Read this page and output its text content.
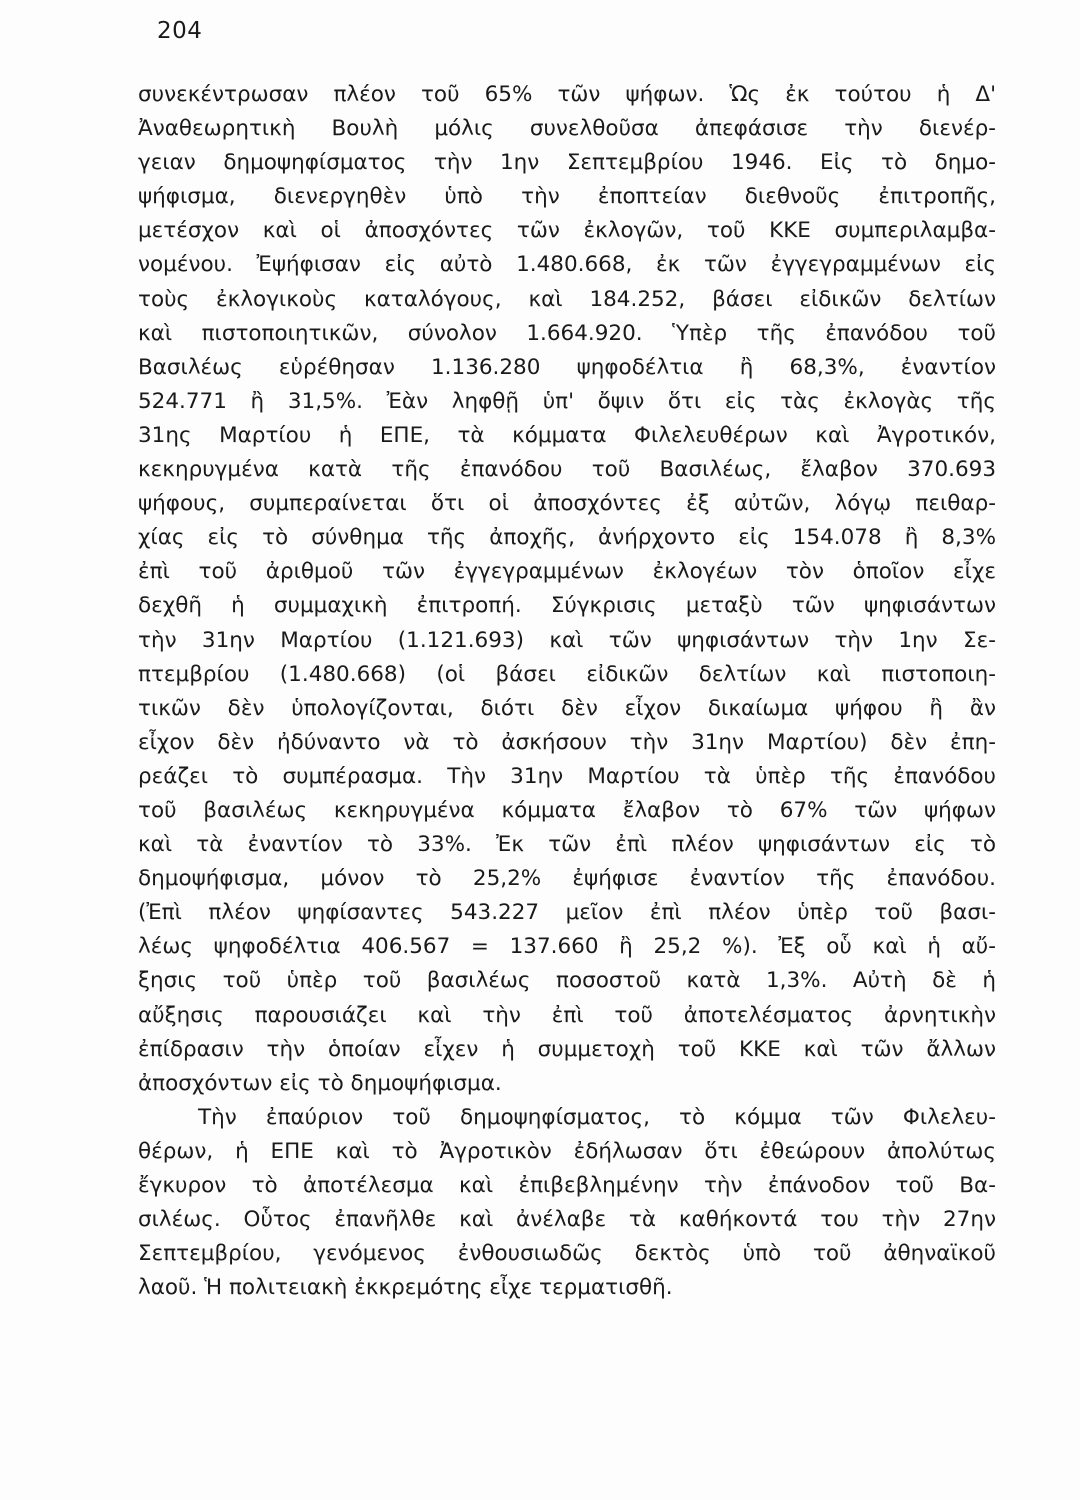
204
συνεκέντρωσαν πλέον τοῦ 65% τῶν ψήφων. Ὡς ἐκ τούτου ἡ Δ'
Ἀναθεωρητικὴ Βουλὴ μόλις συνελθοῦσα ἀπεφάσισε τὴν διενέρ-
γειαν δημοψηφίσματος τὴν 1ην Σεπτεμβρίου 1946. Εἰς τὸ δημο-
ψήφισμα, διενεργηθὲν ὑπὸ τὴν ἐποπτείαν διεθνοῦς ἐπιτροπῆς,
μετέσχον καὶ οἱ ἀποσχόντες τῶν ἐκλογῶν, τοῦ ΚΚΕ συμπεριλαμβα-
νομένου. Ἐψήφισαν εἰς αὐτὸ 1.480.668, ἐκ τῶν ἐγγεγραμμένων εἰς
τοὺς ἐκλογικοὺς καταλόγους, καὶ 184.252, βάσει εἰδικῶν δελτίων
καὶ πιστοποιητικῶν, σύνολον 1.664.920. Ὑπὲρ τῆς ἐπανόδου τοῦ
Βασιλέως εὑρέθησαν 1.136.280 ψηφοδέλτια ἢ 68,3%, ἐναντίον
524.771 ἢ 31,5%. Ἐὰν ληφθῇ ὑπ' ὄψιν ὅτι εἰς τὰς ἐκλογὰς τῆς
31ης Μαρτίου ἡ ΕΠΕ, τὰ κόμματα Φιλελευθέρων καὶ Ἀγροτικόν,
κεκηρυγμένα κατὰ τῆς ἐπανόδου τοῦ Βασιλέως, ἔλαβον 370.693
ψήφους, συμπεραίνεται ὅτι οἱ ἀποσχόντες ἐξ αὐτῶν, λόγῳ πειθαρ-
χίας εἰς τὸ σύνθημα τῆς ἀποχῆς, ἀνήρχοντο εἰς 154.078 ἢ 8,3%
ἐπὶ τοῦ ἀριθμοῦ τῶν ἐγγεγραμμένων ἐκλογέων τὸν ὁποῖον εἶχε
δεχθῆ ἡ συμμαχικὴ ἐπιτροπή. Σύγκρισις μεταξὺ τῶν ψηφισάντων
τὴν 31ην Μαρτίου (1.121.693) καὶ τῶν ψηφισάντων τὴν 1ην Σε-
πτεμβρίου (1.480.668) (οἱ βάσει εἰδικῶν δελτίων καὶ πιστοποιη-
τικῶν δὲν ὑπολογίζονται, διότι δὲν εἶχον δικαίωμα ψήφου ἢ ἂν
εἶχον δὲν ἠδύναντο νὰ τὸ ἀσκήσουν τὴν 31ην Μαρτίου) δὲν ἐπη-
ρεάζει τὸ συμπέρασμα. Τὴν 31ην Μαρτίου τὰ ὑπὲρ τῆς ἐπανόδου
τοῦ βασιλέως κεκηρυγμένα κόμματα ἔλαβον τὸ 67% τῶν ψήφων
καὶ τὰ ἐναντίον τὸ 33%. Ἐκ τῶν ἐπὶ πλέον ψηφισάντων εἰς τὸ
δημοψήφισμα, μόνον τὸ 25,2% ἐψήφισε ἐναντίον τῆς ἐπανόδου.
(Ἐπὶ πλέον ψηφίσαντες 543.227 μεῖον ἐπὶ πλέον ὑπὲρ τοῦ βασι-
λέως ψηφοδέλτια 406.567 = 137.660 ἢ 25,2 %). Ἐξ οὗ καὶ ἡ αὔ-
ξησις τοῦ ὑπὲρ τοῦ βασιλέως ποσοστοῦ κατὰ 1,3%. Αὐτὴ δὲ ἡ
αὔξησις παρουσιάζει καὶ τὴν ἐπὶ τοῦ ἀποτελέσματος ἀρνητικὴν
ἐπίδρασιν τὴν ὁποίαν εἶχεν ἡ συμμετοχὴ τοῦ ΚΚΕ καὶ τῶν ἄλλων
ἀποσχόντων εἰς τὸ δημοψήφισμα.
Τὴν ἐπαύριον τοῦ δημοψηφίσματος, τὸ κόμμα τῶν Φιλελευ-
θέρων, ἡ ΕΠΕ καὶ τὸ Ἀγροτικὸν ἐδήλωσαν ὅτι ἐθεώρουν ἀπολύτως
ἔγκυρον τὸ ἀποτέλεσμα καὶ ἐπιβεβλημένην τὴν ἐπάνοδον τοῦ Βα-
σιλέως. Οὗτος ἐπανῆλθε καὶ ἀνέλαβε τὰ καθήκοντά του τὴν 27ην
Σεπτεμβρίου, γενόμενος ἐνθουσιωδῶς δεκτὸς ὑπὸ τοῦ ἀθηναϊκοῦ
λαοῦ. Ἡ πολιτειακὴ ἐκκρεμότης εἶχε τερματισθῆ.
